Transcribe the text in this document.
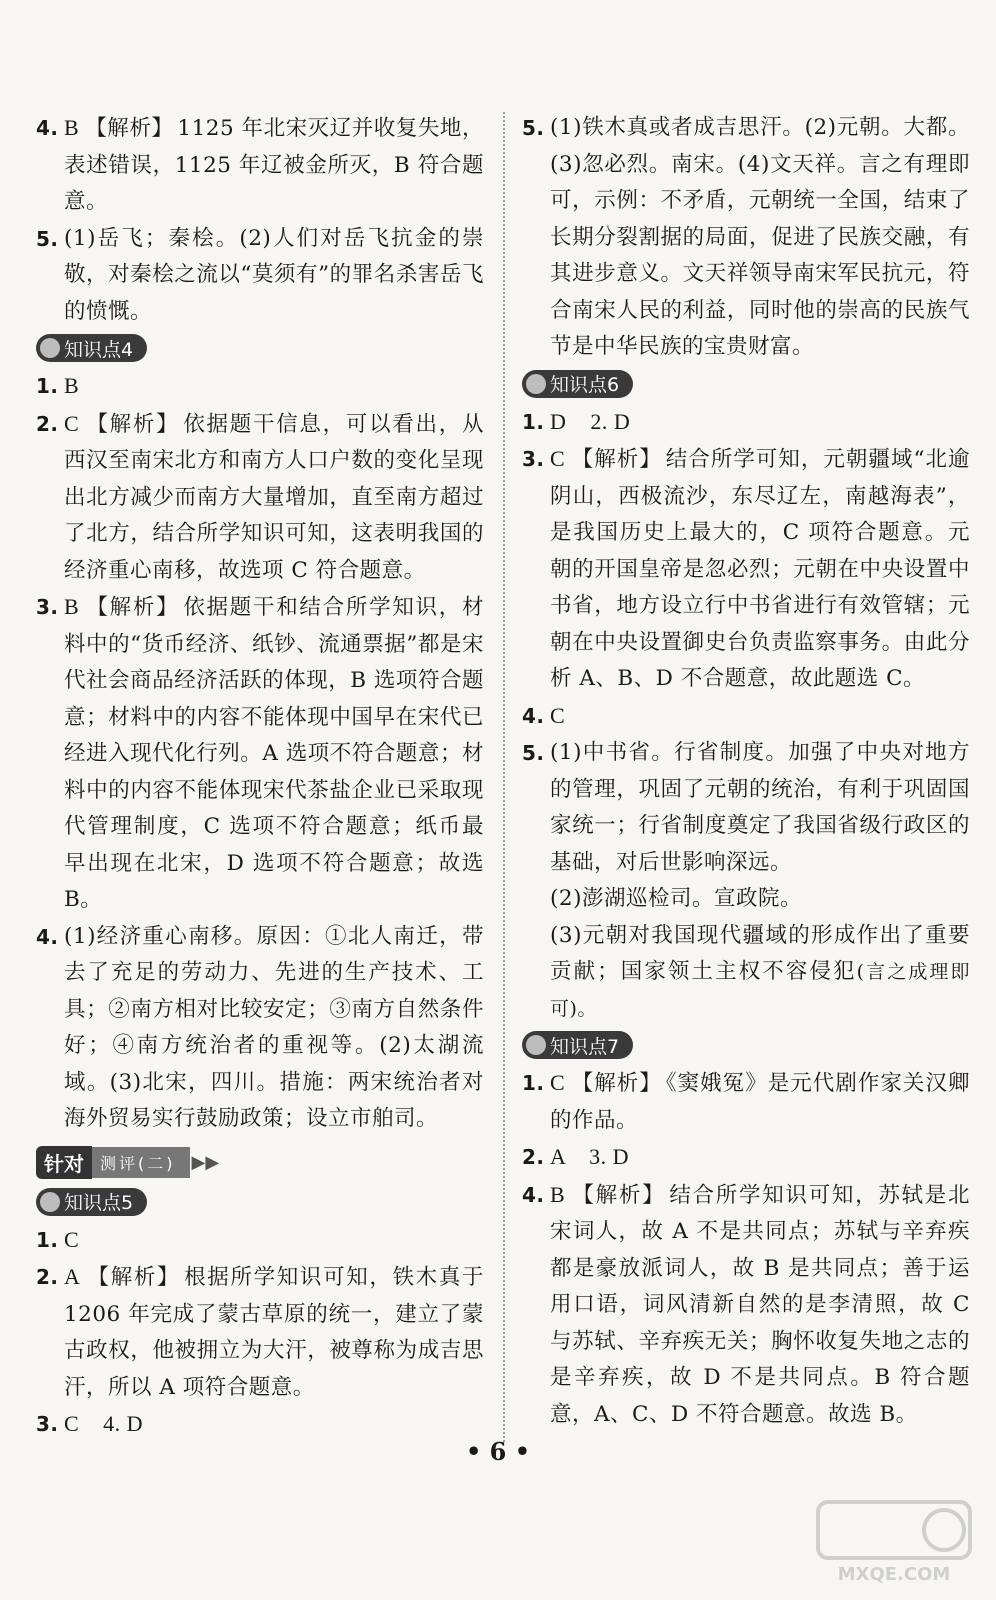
4. B 【解析】 1125 年北宋灭辽并收复失地，表述错误，1125 年辽被金所灭，B 符合题意。
5. (1)岳飞；秦桧。(2)人们对岳飞抗金的崇敬，对秦桧之流以“莫须有”的罪名杀害岳飞的愤慨。
知识点4
1. B
2. C 【解析】 依据题干信息，可以看出，从西汉至南宋北方和南方人口户数的变化呈现出北方减少而南方大量增加，直至南方超过了北方，结合所学知识可知，这表明我国的经济重心南移，故选项 C 符合题意。
3. B 【解析】 依据题干和结合所学知识，材料中的“货币经济、纸钞、流通票据”都是宋代社会商品经济活跃的体现，B 选项符合题意；材料中的内容不能体现中国早在宋代已经进入现代化行列。A 选项不符合题意；材料中的内容不能体现宋代茶盐企业已采取现代管理制度，C 选项不符合题意；纸币最早出现在北宋，D 选项不符合题意；故选 B。
4. (1)经济重心南移。原因：①北人南迁，带去了充足的劳动力、先进的生产技术、工具；②南方相对比较安定；③南方自然条件好；④南方统治者的重视等。(2)太湖流域。(3)北宋，四川。措施：两宋统治者对海外贸易实行鼓励政策；设立市舶司。
针对	测评(二) ▶▶
知识点5
1. C
2. A 【解析】 根据所学知识可知，铁木真于 1206 年完成了蒙古草原的统一，建立了蒙古政权，他被拥立为大汗，被尊称为成吉思汗，所以 A 项符合题意。
3. C    4. D
5. (1)铁木真或者成吉思汗。(2)元朝。大都。(3)忽必烈。南宋。(4)文天祥。言之有理即可，示例：不矛盾，元朝统一全国，结束了长期分裂割据的局面，促进了民族交融，有其进步意义。文天祥领导南宋军民抗元，符合南宋人民的利益，同时他的崇高的民族气节是中华民族的宝贵财富。
知识点6
1. D    2. D
3. C 【解析】 结合所学可知，元朝疆域“北逾阴山，西极流沙，东尽辽左，南越海表”，是我国历史上最大的，C 项符合题意。元朝的开国皇帝是忽必烈；元朝在中央设置中书省，地方设立行中书省进行有效管辖；元朝在中央设置御史台负责监察事务。由此分析 A、B、D 不合题意，故此题选 C。
4. C
5. (1)中书省。行省制度。加强了中央对地方的管理，巩固了元朝的统治，有利于巩固国家统一；行省制度奠定了我国省级行政区的基础，对后世影响深远。
(2)澎湖巡检司。宣政院。
(3)元朝对我国现代疆域的形成作出了重要贡献；国家领土主权不容侵犯(言之成理即可)。
知识点7
1. C 【解析】 《窦娥冤》是元代剧作家关汉卿的作品。
2. A    3. D
4. B 【解析】 结合所学知识可知，苏轼是北宋词人，故 A 不是共同点；苏轼与辛弃疾都是豪放派词人，故 B 是共同点；善于运用口语，词风清新自然的是李清照，故 C 与苏轼、辛弃疾无关；胸怀收复失地之志的是辛弃疾，故 D 不是共同点。B 符合题意，A、C、D 不符合题意。故选 B。
• 6 •
MXQE.COM
